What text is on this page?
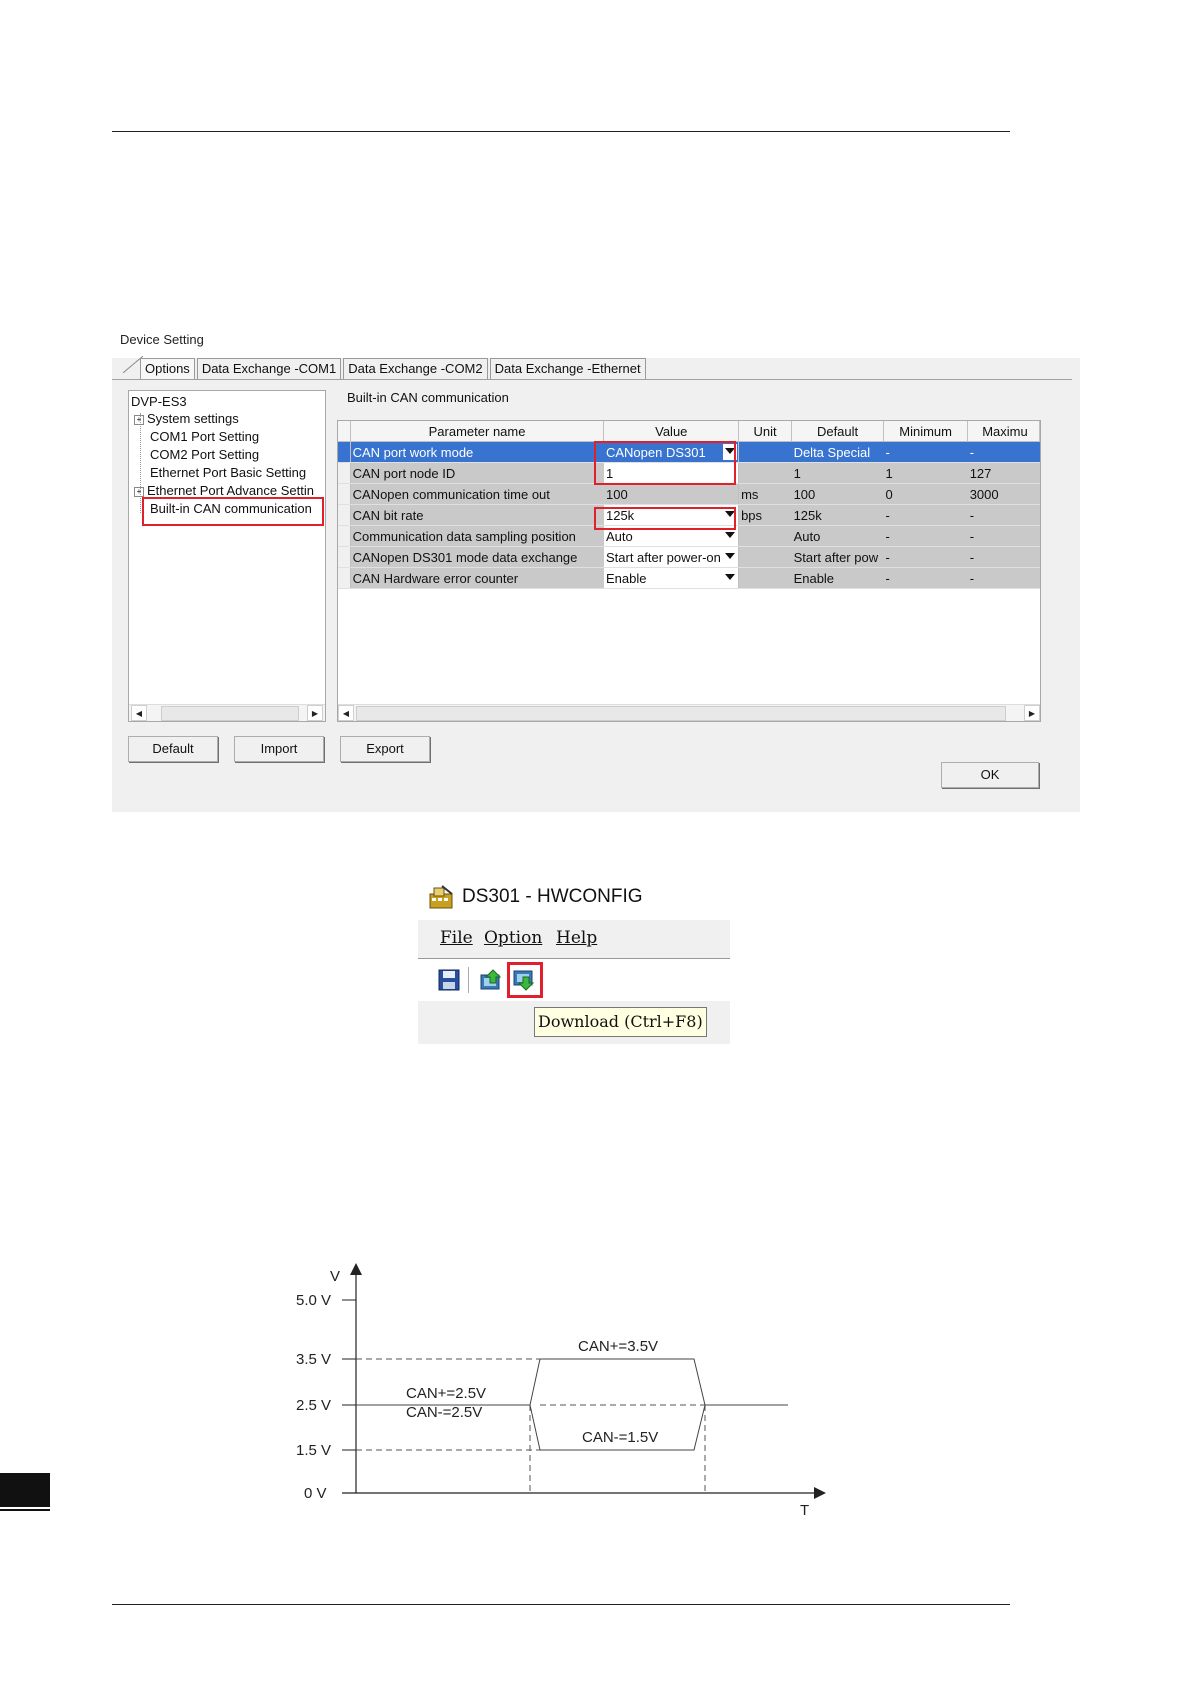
Device Setting
Options Data Exchange -COM1 Data Exchange -COM2 Data Exchange -Ethernet
DVP-ES3
+ System settings
COM1 Port Setting
COM2 Port Setting
Ethernet Port Basic Setting
+ Ethernet Port Advance Settin
Built-in CAN communication
◀	▶
Built-in CAN communication
	Parameter name	Value	Unit	Default	Minimum	Maximu
	CAN port work mode	CANopen DS301		Delta Special	-	-
	CAN port node ID	1		1	1	127
	CANopen communication time out	100	ms	100	0	3000
	CAN bit rate	125k	bps	125k	-	-
	Communication data sampling position	Auto		Auto	-	-
	CANopen DS301 mode data exchange	Start after power-on		Start after pow	-	-
	CAN Hardware error counter	Enable		Enable	-	-
◀	▶
Default	Import	Export
OK
DS301 - HWCONFIG
File Option Help
Download (Ctrl+F8)
V
T
5.0 V
3.5 V
2.5 V
1.5 V
0 V
CAN+=2.5V
CAN-=2.5V
CAN+=3.5V
CAN-=1.5V
